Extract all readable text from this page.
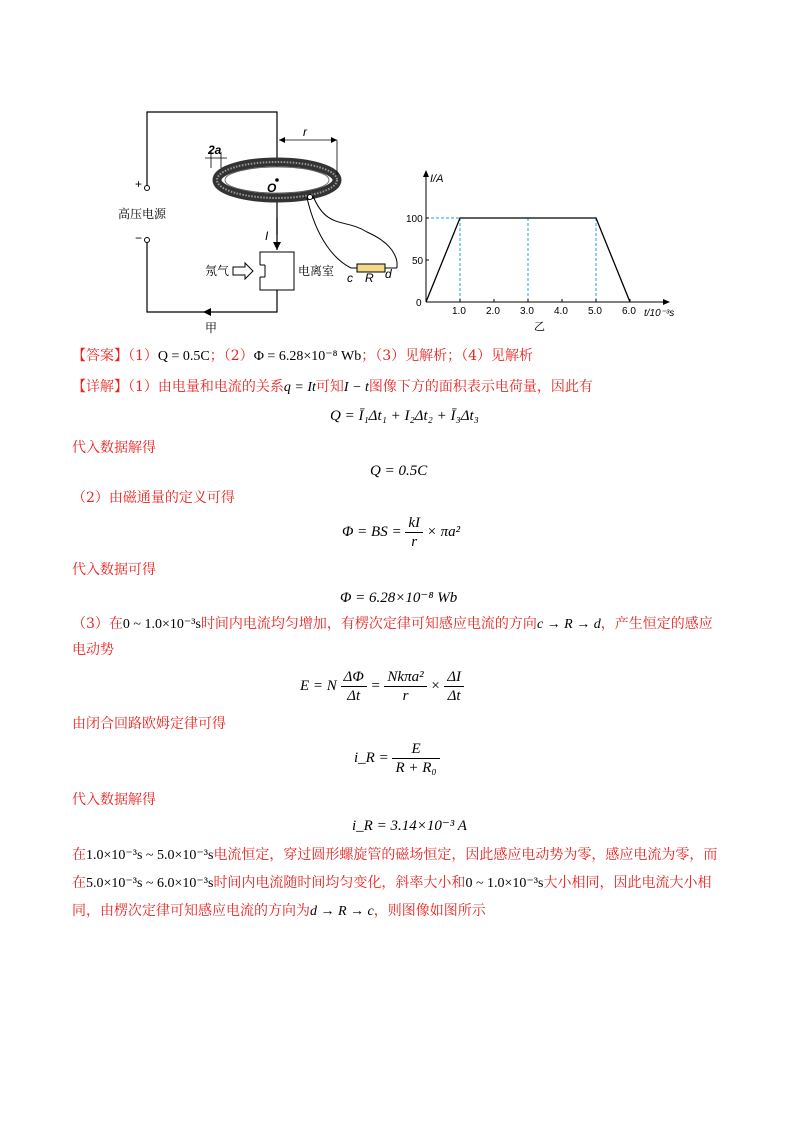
+
−
高压电源
O
r
2a
I
氖气	电离室 c R d
甲
I/A
t/10⁻³s
0
乙
1.0 2.0 3.0 4.0 5.0 6.0
100
50
【答案】（1）Q = 0.5C；（2）Φ = 6.28×10⁻⁸ Wb；（3）见解析；（4）见解析
【详解】（1）由电量和电流的关系q = It可知I − t图像下方的面积表示电荷量，因此有
Q = Ī₁Δt₁ + I₂Δt₂ + Ī₃Δt₃
代入数据解得
Q = 0.5C
（2）由磁通量的定义可得
Φ = BS = $\frac{kI}{r} \times \pi a^2$
代入数据可得
Φ = 6.28×10⁻⁸ Wb
（3）在0 ~ 1.0×10⁻³s时间内电流均匀增加，有楞次定律可知感应电流的方向c → R → d，产生恒定的感应
电动势
E = N $\frac{\Delta\Phi}{\Delta t} = \frac{\text{Nkπa²}}{r} \times \frac{\Delta I}{\Delta t}$
由闭合回路欧姆定律可得
i_R = $\frac{E}{\text{R + R₀}}$
代入数据解得
i_R = 3.14×10⁻³ A
在1.0×10⁻³s ~ 5.0×10⁻³s电流恒定，穿过圆形螺旋管的磁场恒定，因此感应电动势为零，感应电流为零，而
在5.0×10⁻³s ~ 6.0×10⁻³s时间内电流随时间均匀变化，斜率大小和0 ~ 1.0×10⁻³s大小相同，因此电流大小相
同，由楞次定律可知感应电流的方向为d → R → c，则图像如图所示
